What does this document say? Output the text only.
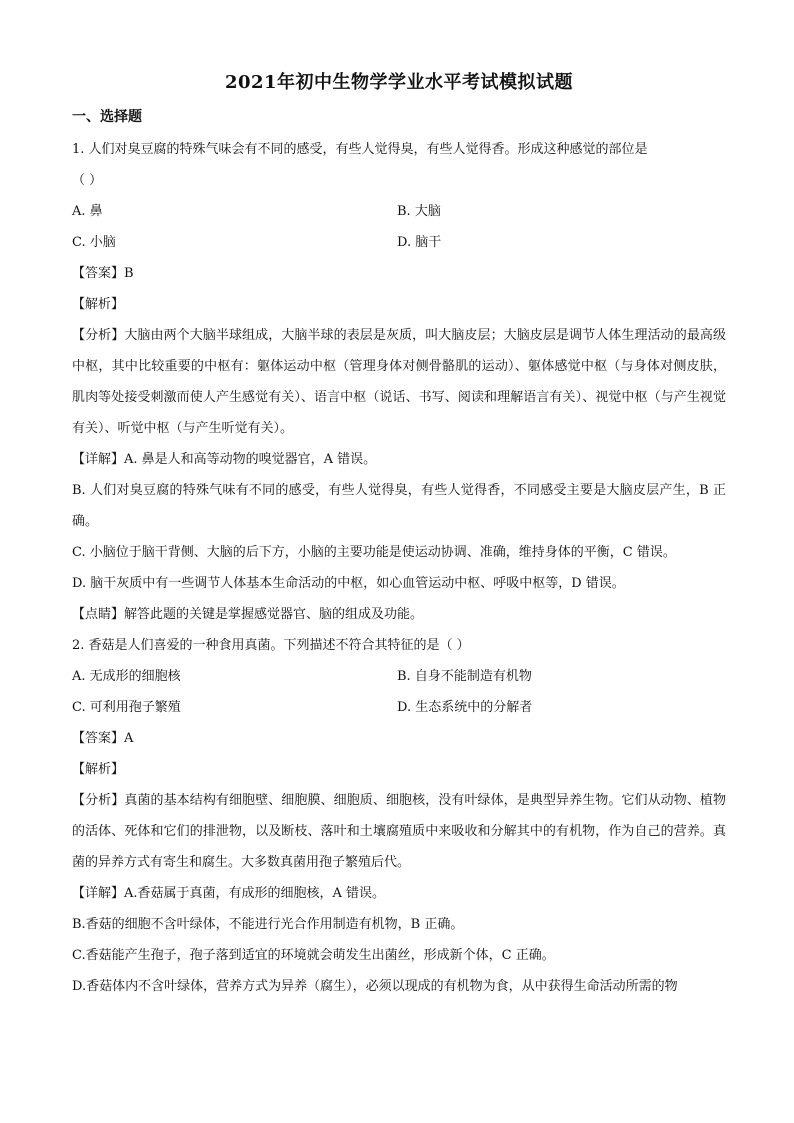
2021年初中生物学学业水平考试模拟试题
一、选择题

1. 人们对臭豆腐的特殊气味会有不同的感受，有些人觉得臭，有些人觉得香。形成这种感觉的部位是

（ ）

A. 鼻	B. 大脑
C. 小脑	D. 脑干

【答案】B

【解析】

【分析】大脑由两个大脑半球组成，大脑半球的表层是灰质，叫大脑皮层；大脑皮层是调节人体生理活动的最高级中枢，其中比较重要的中枢有：躯体运动中枢（管理身体对侧骨骼肌的运动）、躯体感觉中枢（与身体对侧皮肤，肌肉等处接受刺激而使人产生感觉有关）、语言中枢（说话、书写、阅读和理解语言有关）、视觉中枢（与产生视觉有关）、听觉中枢（与产生听觉有关）。

【详解】A. 鼻是人和高等动物的嗅觉器官，A 错误。

B. 人们对臭豆腐的特殊气味有不同的感受，有些人觉得臭，有些人觉得香，不同感受主要是大脑皮层产生，B 正确。

C. 小脑位于脑干背侧、大脑的后下方，小脑的主要功能是使运动协调、准确，维持身体的平衡，C 错误。

D. 脑干灰质中有一些调节人体基本生命活动的中枢，如心血管运动中枢、呼吸中枢等，D 错误。

【点睛】解答此题的关键是掌握感觉器官、脑的组成及功能。

2. 香菇是人们喜爱的一种食用真菌。下列描述不符合其特征的是（ ）

A. 无成形的细胞核	B. 自身不能制造有机物
C. 可利用孢子繁殖	D. 生态系统中的分解者

【答案】A

【解析】

【分析】真菌的基本结构有细胞壁、细胞膜、细胞质、细胞核，没有叶绿体，是典型异养生物。它们从动物、植物的活体、死体和它们的排泄物，以及断枝、落叶和土壤腐殖质中来吸收和分解其中的有机物，作为自己的营养。真菌的异养方式有寄生和腐生。大多数真菌用孢子繁殖后代。

【详解】A.香菇属于真菌，有成形的细胞核，A 错误。

B.香菇的细胞不含叶绿体，不能进行光合作用制造有机物，B 正确。

C.香菇能产生孢子，孢子落到适宜的环境就会萌发生出菌丝，形成新个体，C 正确。

D.香菇体内不含叶绿体，营养方式为异养（腐生），必须以现成的有机物为食，从中获得生命活动所需的物
